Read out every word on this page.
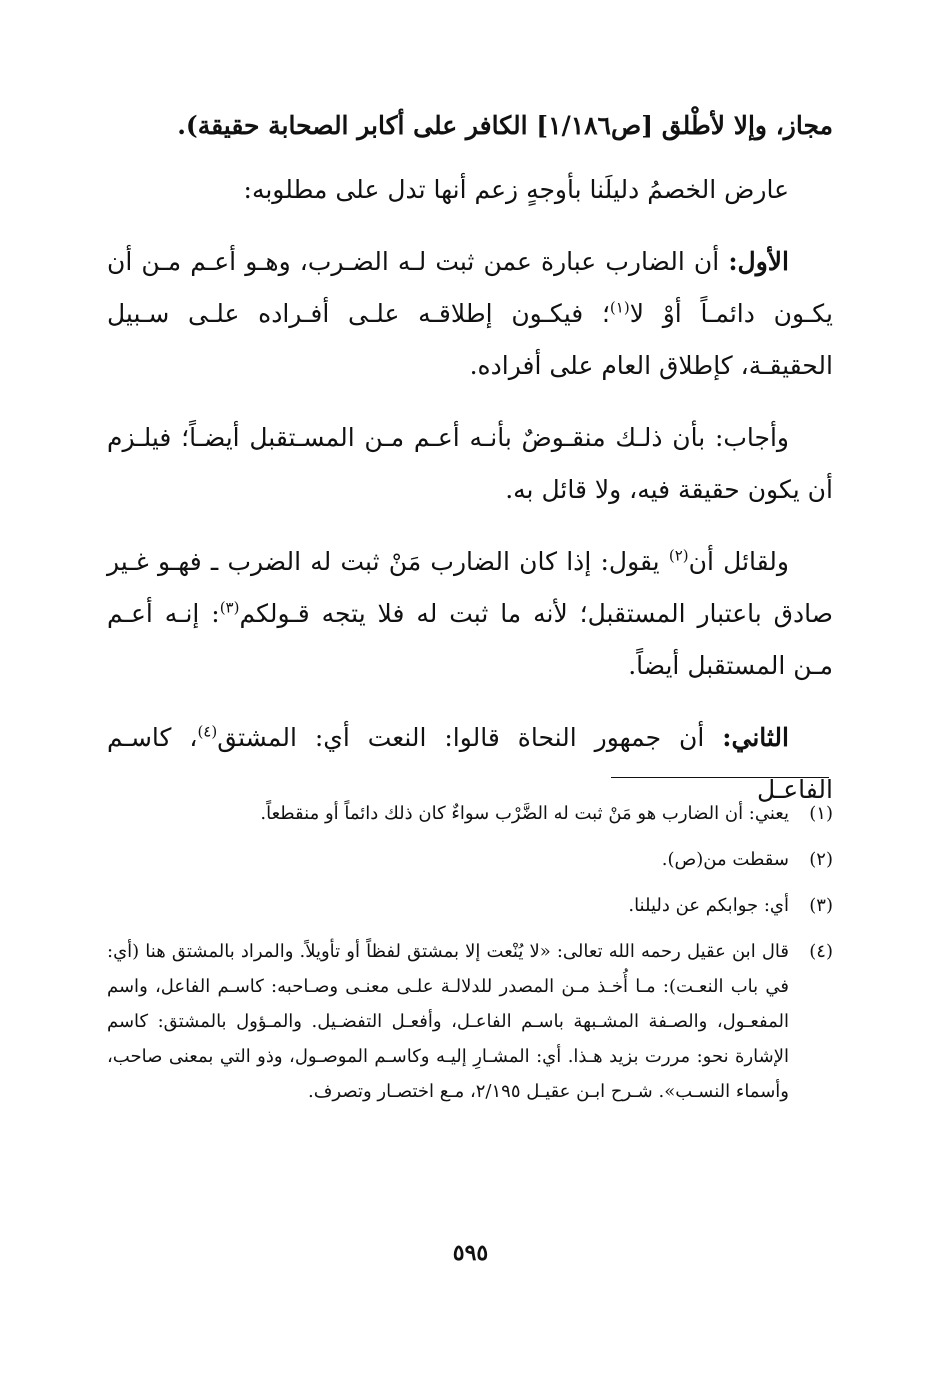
مجاز، وإلا لأطْلق [ص١/١٨٦] الكافر على أكابر الصحابة حقيقة).

عارض الخصمُ دليلَنا بأوجهٍ زعم أنها تدل على مطلوبه:

الأول: أن الضارب عبارة عمن ثبت لـه الضـرب، وهـو أعـم مـن أن يكـون دائمـاً أوْ لا$^{(١)}$؛ فيكـون إطلاقـه علـى أفـراده علـى سـبيل الحقيقـة، كإطلاق العام على أفراده.

وأجاب: بأن ذلـك منقـوضٌ بأنـه أعـم مـن المسـتقبل أيضـاً؛ فيلـزم أن يكون حقيقة فيه، ولا قائل به.

ولقائل أن$^{(٢)}$ يقول: إذا كان الضارب مَنْ ثبت له الضرب ـ فهـو غـير صادق باعتبار المستقبل؛ لأنه ما ثبت له فلا يتجه قـولكم$^{(٣)}$: إنـه أعـم مـن المستقبل أيضاً.

الثاني: أن جمهور النحاة قالوا: النعت أي: المشتق$^{(٤)}$، كاسـم الفاعـل

(١)
يعني: أن الضارب هو مَنْ ثبت له الضَّرْب سواءٌ كان ذلك دائماً أو منقطعاً.
(٢)
سقطت من(ص).
(٣)
أي: جوابكم عن دليلنا.
(٤)
قال ابن عقيل رحمه الله تعالى: «لا يُنْعت إلا بمشتق لفظاً أو تأويلاً. والمراد بالمشتق هنا (أي: في باب النعـت): مـا أُخـذ مـن المصدر للدلالـة علـى معنـى وصـاحبه: كاسـم الفاعل، واسم المفعـول، والصـفة المشـبهة باسـم الفاعـل، وأفعـل التفضـيل. والمـؤول بالمشتق: كاسم الإشارة نحو: مررت بزيد هـذا. أي: المشـارِ إليـه وكاسـم الموصـول، وذو التي بمعنى صاحب، وأسماء النسـب». شـرح ابـن عقيـل ٢/١٩٥، مـع اختصـار وتصرف.
٥٩٥
